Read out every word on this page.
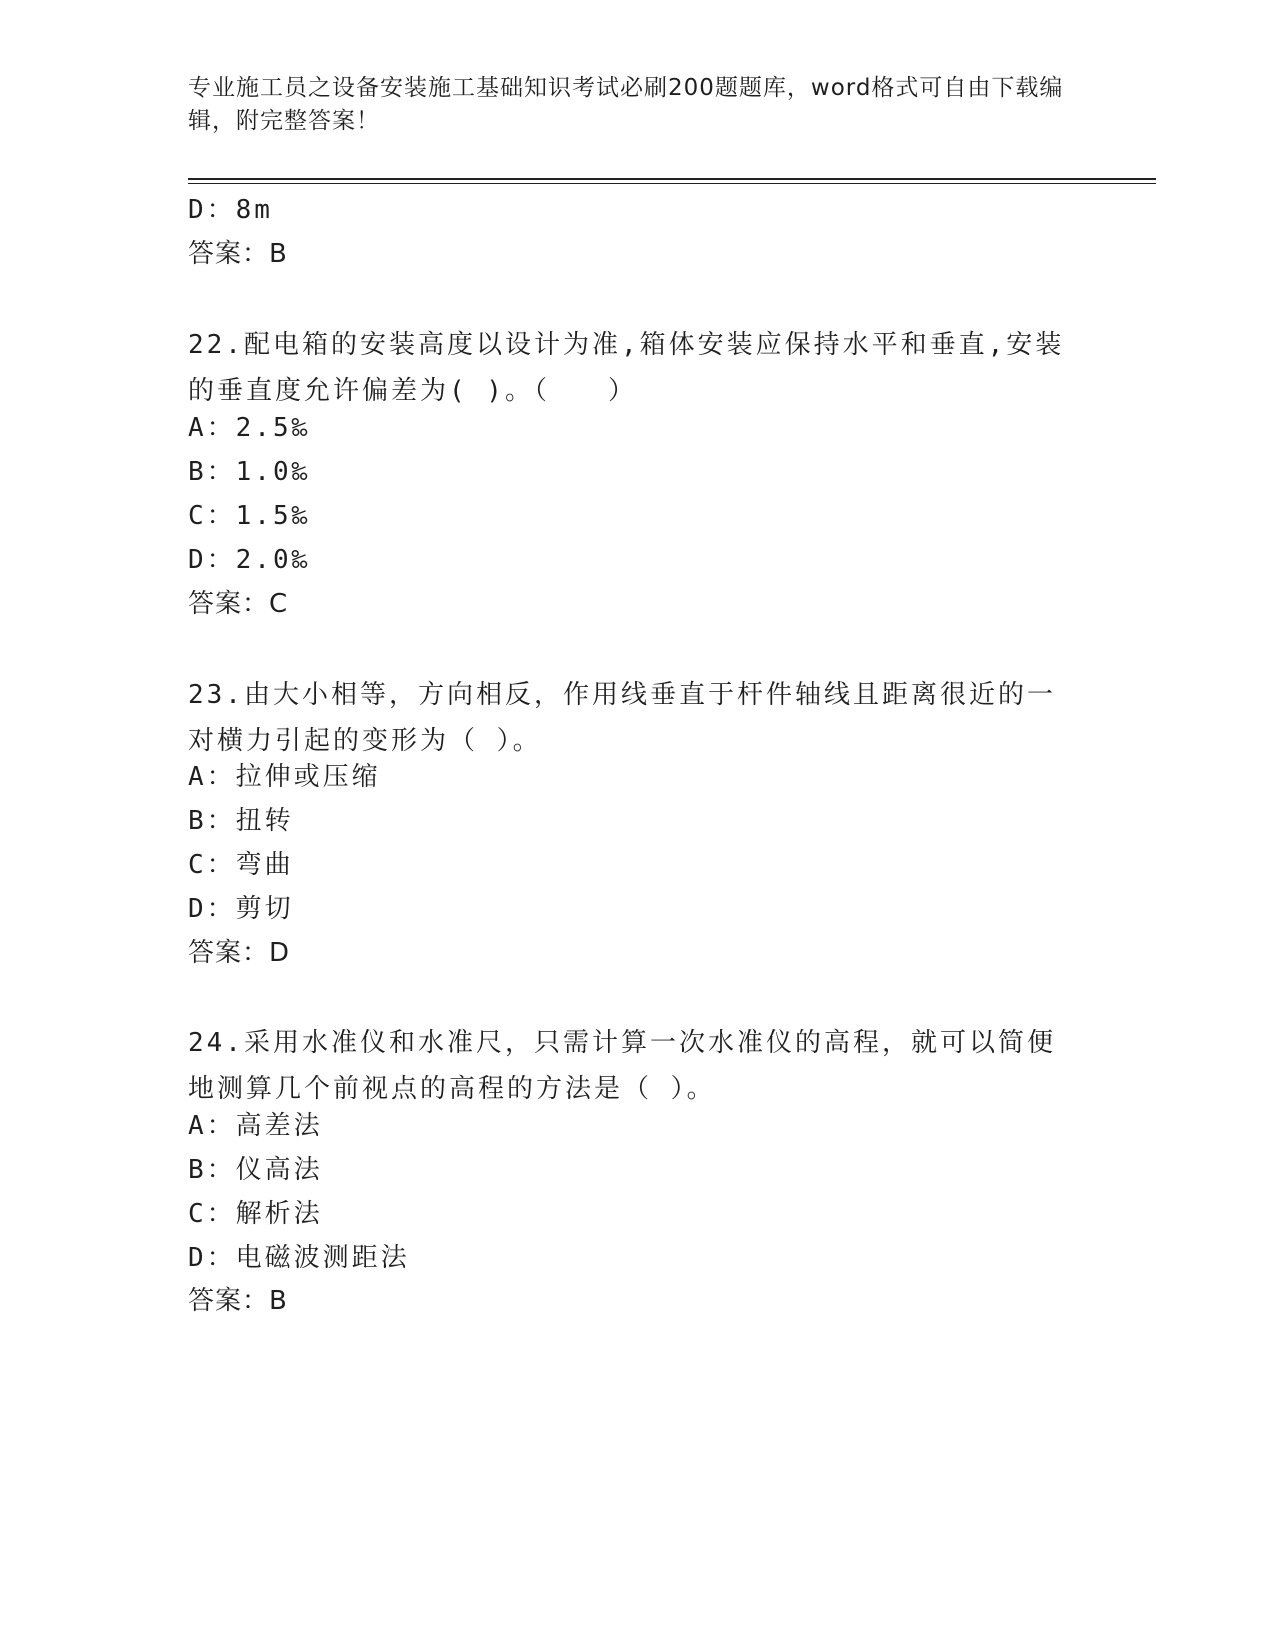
专业施工员之设备安装施工基础知识考试必刷200题题库，word格式可自由下载编辑，附完整答案！
D：8m
答案：B
22.配电箱的安装高度以设计为准,箱体安装应保持水平和垂直,安装的垂直度允许偏差为( )。（　　）
A：2.5‰
B：1.0‰
C：1.5‰
D：2.0‰
答案：C
23.由大小相等，方向相反，作用线垂直于杆件轴线且距离很近的一对横力引起的变形为（ ）。
A：拉伸或压缩
B：扭转
C：弯曲
D：剪切
答案：D
24.采用水准仪和水准尺，只需计算一次水准仪的高程，就可以简便地测算几个前视点的高程的方法是（ ）。
A：高差法
B：仪高法
C：解析法
D：电磁波测距法
答案：B
